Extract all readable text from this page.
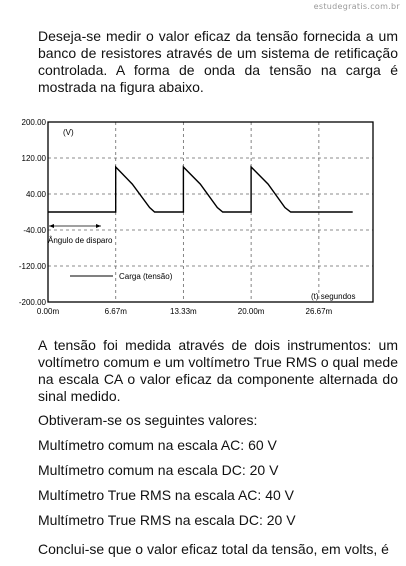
estudegratis.com.br

Deseja-se medir o valor eficaz da tensão fornecida a um banco de resistores através de um sistema de retificação controlada. A forma de onda da tensão na carga é mostrada na figura abaixo.

200.00
120.00
40.00
-40.00
-120.00
-200.00
0.00m	6.67m	13.33m	20.00m	26.67m
(V)
(t) segundos
Ângulo de disparo
Carga (tensão)

A tensão foi medida através de dois instrumentos: um voltímetro comum e um voltímetro True RMS o qual mede na escala CA o valor eficaz da componente alternada do sinal medido.

Obtiveram-se os seguintes valores:

Multímetro comum na escala AC: 60 V

Multímetro comum na escala DC: 20 V

Multímetro True RMS na escala AC: 40 V

Multímetro True RMS na escala DC: 20 V

Conclui-se que o valor eficaz total da tensão, em volts, é
